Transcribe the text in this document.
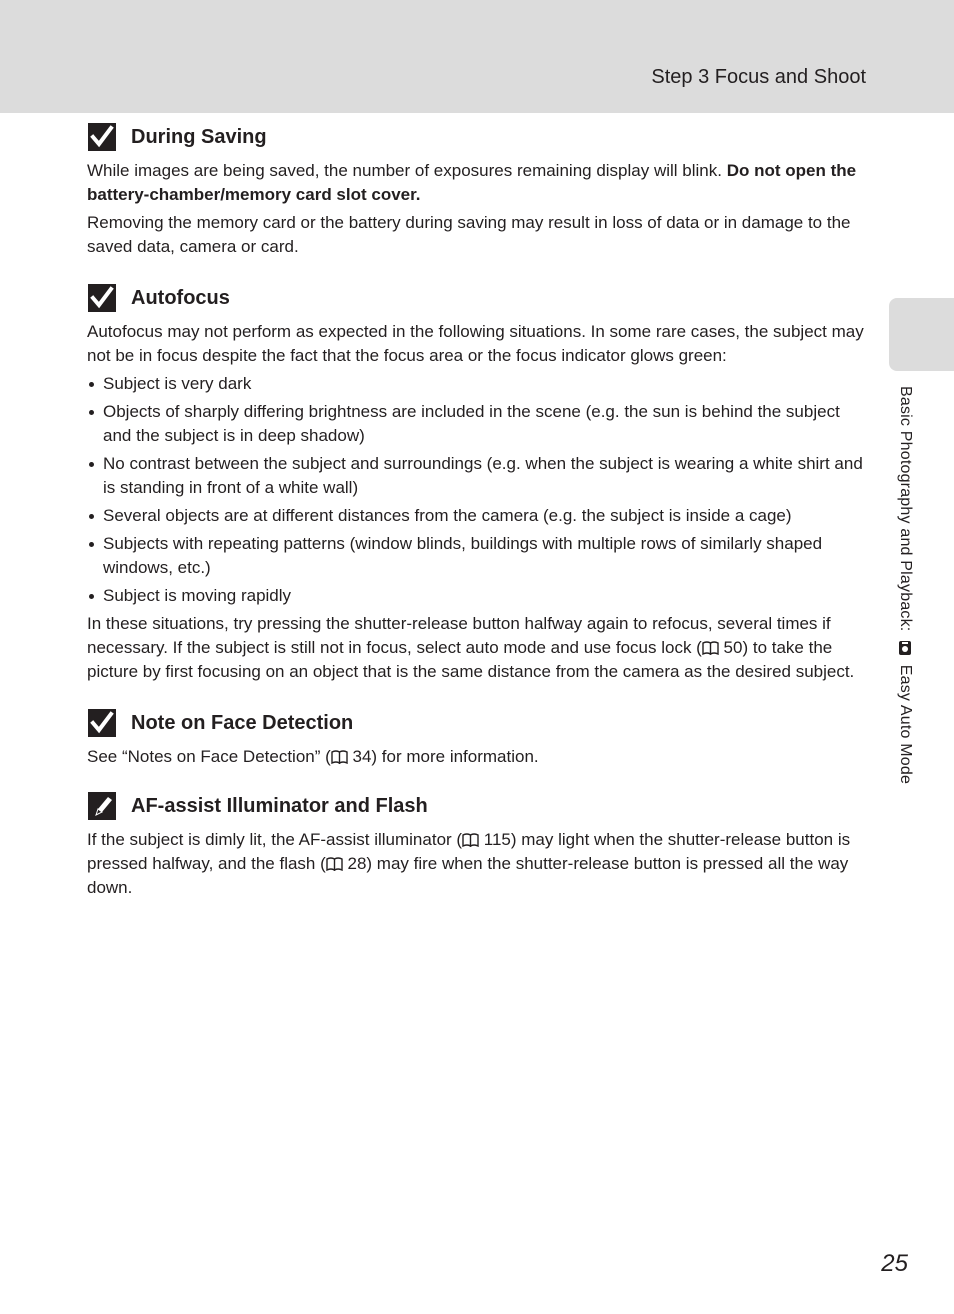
Step 3 Focus and Shoot
Basic Photography and Playback:  Easy Auto Mode
During Saving

While images are being saved, the number of exposures remaining display will blink. Do not open the battery-chamber/memory card slot cover.

Removing the memory card or the battery during saving may result in loss of data or in damage to the saved data, camera or card.

Autofocus

Autofocus may not perform as expected in the following situations. In some rare cases, the subject may not be in focus despite the fact that the focus area or the focus indicator glows green:

Subject is very dark
Objects of sharply differing brightness are included in the scene (e.g. the sun is behind the subject and the subject is in deep shadow)
No contrast between the subject and surroundings (e.g. when the subject is wearing a white shirt and is standing in front of a white wall)
Several objects are at different distances from the camera (e.g. the subject is inside a cage)
Subjects with repeating patterns (window blinds, buildings with multiple rows of similarly shaped windows, etc.)
Subject is moving rapidly

In these situations, try pressing the shutter-release button halfway again to refocus, several times if necessary. If the subject is still not in focus, select auto mode and use focus lock ( 50) to take the picture by first focusing on an object that is the same distance from the camera as the desired subject.

Note on Face Detection

See “Notes on Face Detection” ( 34) for more information.

AF-assist Illuminator and Flash

If the subject is dimly lit, the AF-assist illuminator ( 115) may light when the shutter-release button is pressed halfway, and the flash ( 28) may fire when the shutter-release button is pressed all the way down.

25
